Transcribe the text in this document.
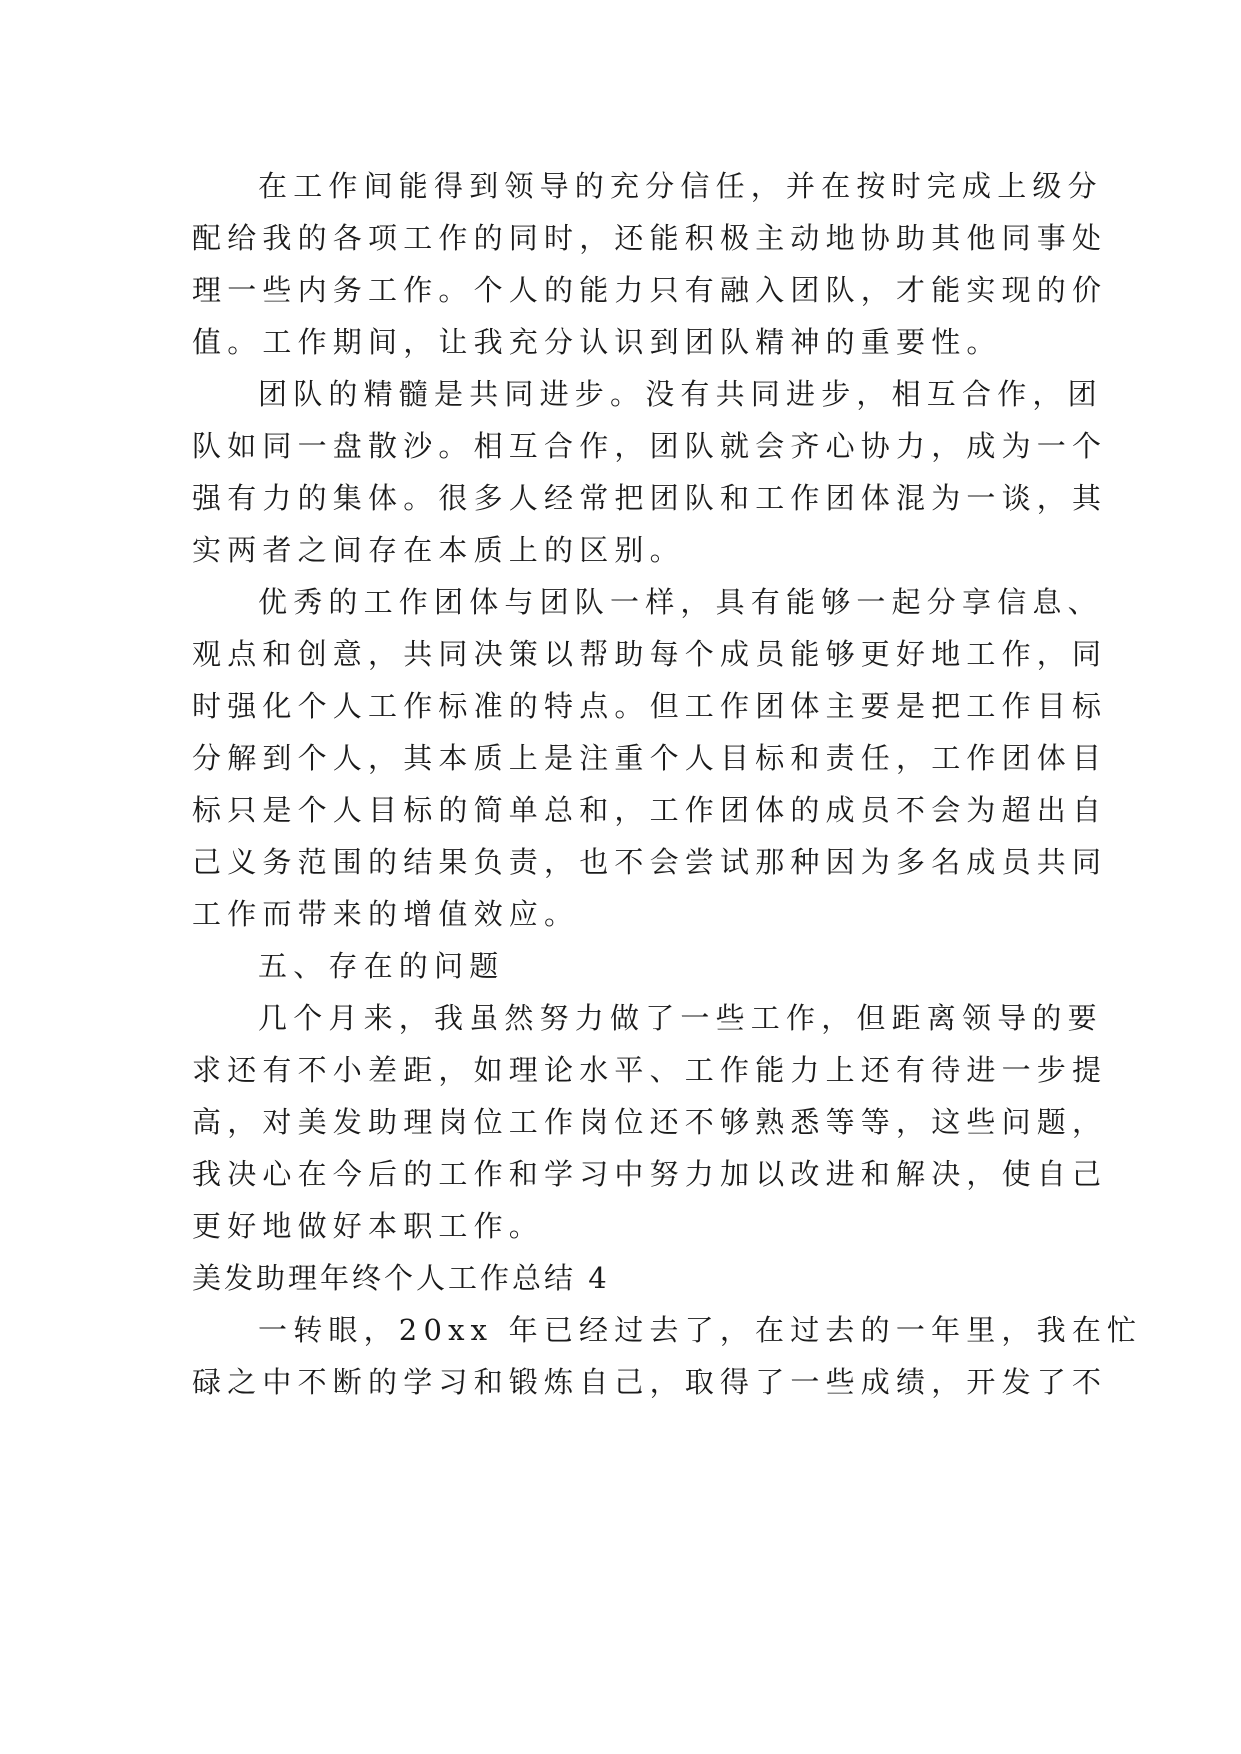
在工作间能得到领导的充分信任，并在按时完成上级分
配给我的各项工作的同时，还能积极主动地协助其他同事处
理一些内务工作。个人的能力只有融入团队，才能实现的价
值。工作期间，让我充分认识到团队精神的重要性。
团队的精髓是共同进步。没有共同进步，相互合作，团
队如同一盘散沙。相互合作，团队就会齐心协力，成为一个
强有力的集体。很多人经常把团队和工作团体混为一谈，其
实两者之间存在本质上的区别。
优秀的工作团体与团队一样，具有能够一起分享信息、
观点和创意，共同决策以帮助每个成员能够更好地工作，同
时强化个人工作标准的特点。但工作团体主要是把工作目标
分解到个人，其本质上是注重个人目标和责任，工作团体目
标只是个人目标的简单总和，工作团体的成员不会为超出自
己义务范围的结果负责，也不会尝试那种因为多名成员共同
工作而带来的增值效应。
五、存在的问题
几个月来，我虽然努力做了一些工作，但距离领导的要
求还有不小差距，如理论水平、工作能力上还有待进一步提
高，对美发助理岗位工作岗位还不够熟悉等等，这些问题，
我决心在今后的工作和学习中努力加以改进和解决，使自己
更好地做好本职工作。
美发助理年终个人工作总结 4
一转眼，20xx 年已经过去了，在过去的一年里，我在忙
碌之中不断的学习和锻炼自己，取得了一些成绩，开发了不
